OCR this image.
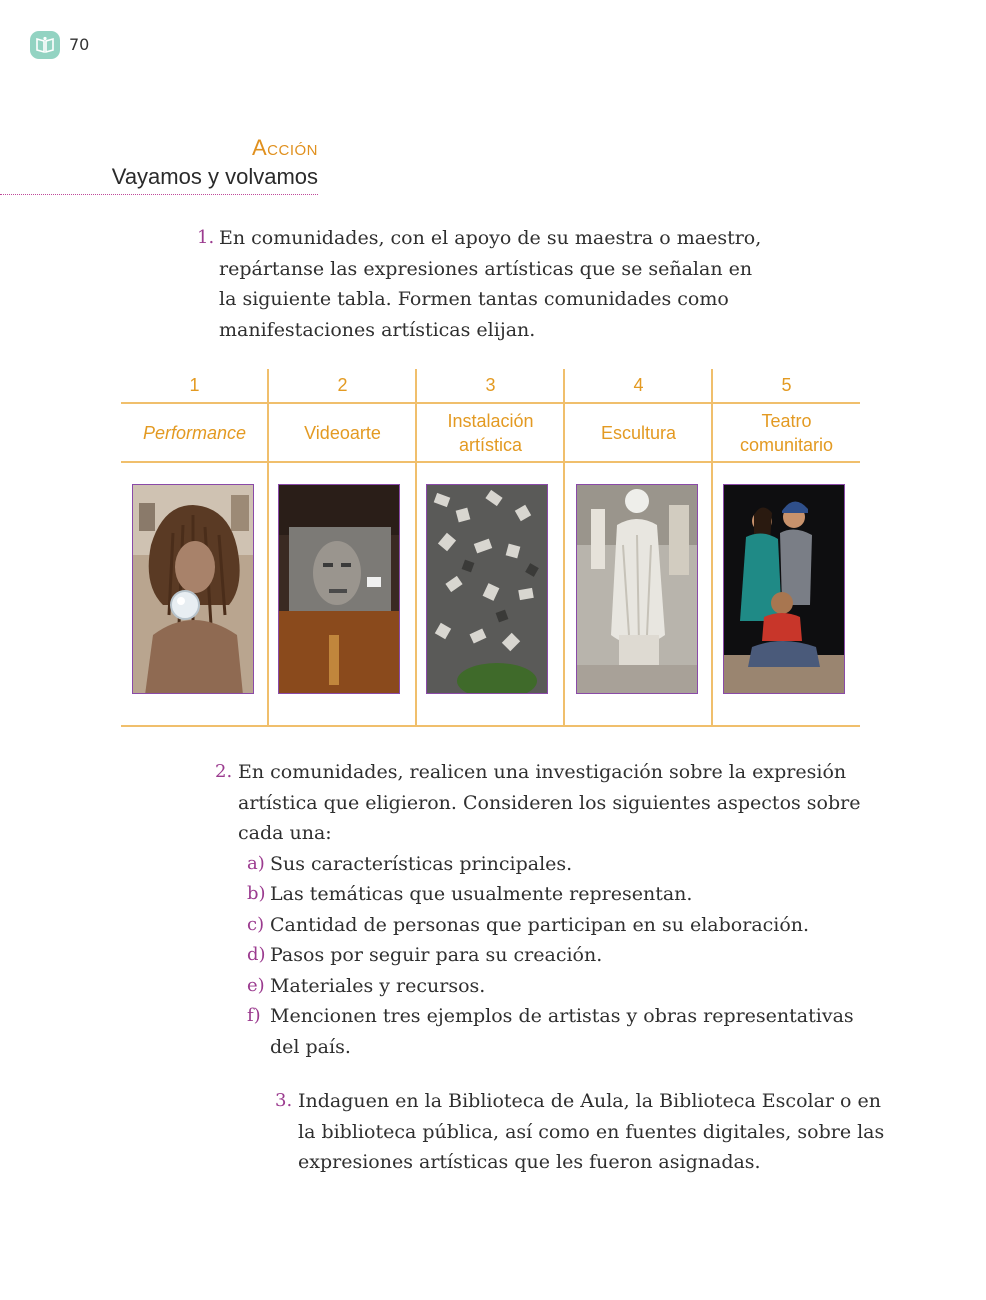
70
Acción
Vayamos y volvamos
1. En comunidades, con el apoyo de su maestra o maestro,
repártanse las expresiones artísticas que se señalan en
la siguiente tabla. Formen tantas comunidades como
manifestaciones artísticas elijan.
1
Performance
2
Videoarte
3
Instalación artística
4
Escultura
5
Teatro comunitario
2. En comunidades, realicen una investigación sobre la expresión
artística que eligieron. Consideren los siguientes aspectos sobre
cada una:
a) Sus características principales.
b) Las temáticas que usualmente representan.
c) Cantidad de personas que participan en su elaboración.
d) Pasos por seguir para su creación.
e) Materiales y recursos.
f) Mencionen tres ejemplos de artistas y obras representativas
del país.
3. Indaguen en la Biblioteca de Aula, la Biblioteca Escolar o en
la biblioteca pública, así como en fuentes digitales, sobre las
expresiones artísticas que les fueron asignadas.
